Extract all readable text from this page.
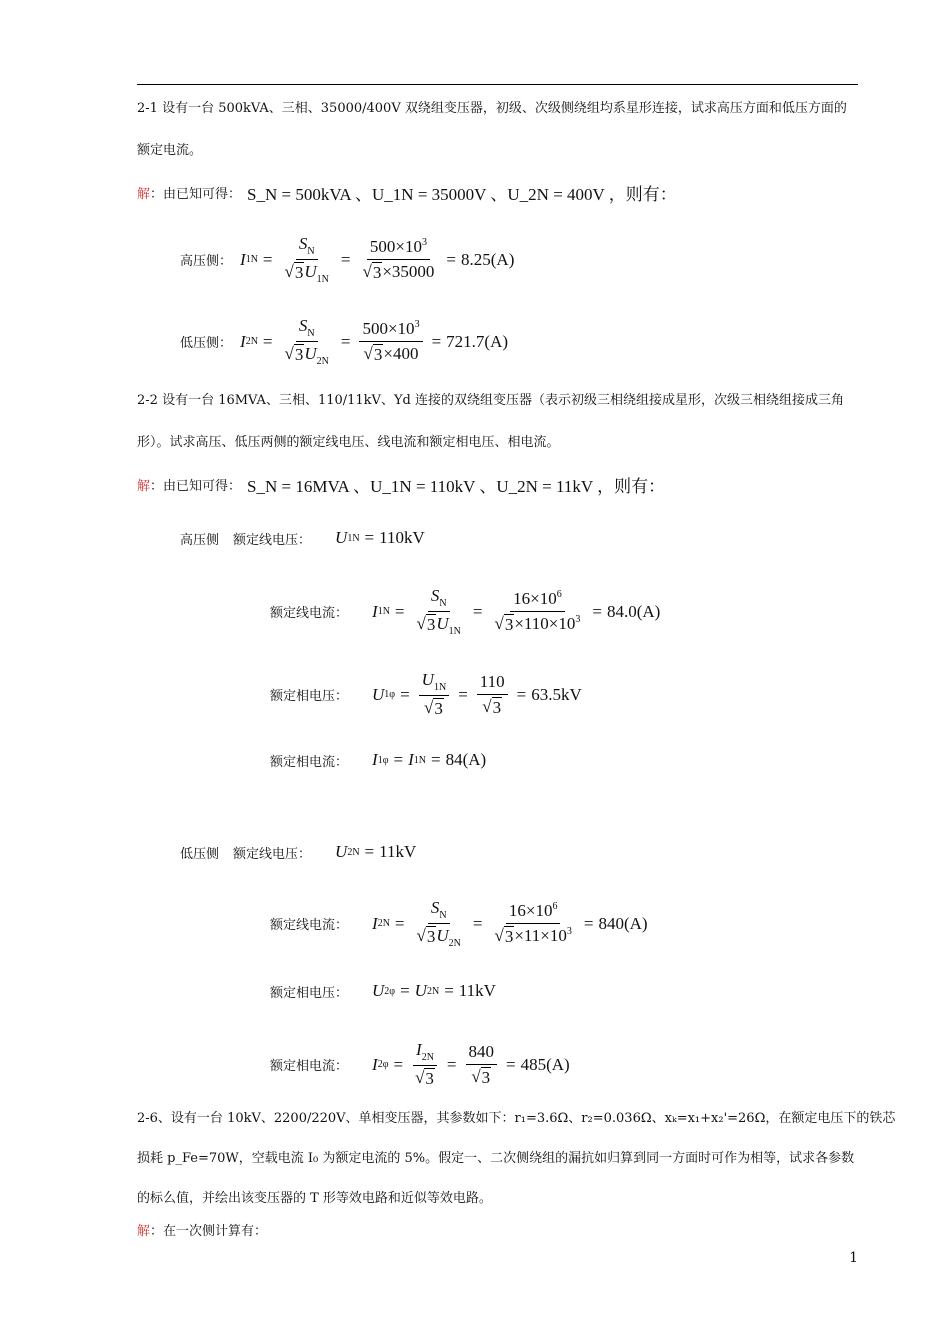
2-1 设有一台 500kVA、三相、35000/400V 双绕组变压器，初级、次级侧绕组均系星形连接，试求高压方面和低压方面的
额定电流。
解 ：由已知可得： S_N = 500kVA 、U_1N = 35000V 、U_2N = 400V ，则有：
高压侧： I $1N = \frac{S_N}{√ 3 U_{1N}} = \frac{500\times 10^3}{√ 3 \times 35000} = 8.25(A)$
低压侧： I $2N = \frac{S_N}{√ 3 U_{2N}} = \frac{500\times 10^3}{√ 3 \times 400} = 721.7(A)$
2-2 设有一台 16MVA、三相、110/11kV、Yd 连接的双绕组变压器（表示初级三相绕组接成星形，次级三相绕组接成三角
形）。试求高压、低压两侧的额定线电压、线电流和额定相电压、相电流。
解 ：由已知可得： S_N = 16MVA 、U_1N = 110kV 、U_2N = 11kV ，则有：
高压侧 额定线电压： U 1N = 110kV
额定线电流： I $1N = \frac{S_N}{√ 3 U_{1N}} = \frac{16\times 10^6}{√ 3 \times 110\times 10^3} = 84.0(A)$
额定相电压： U $1\varphi = \frac{U_{1N}}{√ 3} = \frac{110}{√ 3} = 63.5kV$
额定相电流： I 1φ = I 1N = 84(A)
低压侧 额定线电压： U 2N = 11kV
额定线电流： I $2N = \frac{S_N}{√ 3 U_{2N}} = \frac{16\times 10^6}{√ 3 \times 11\times 10^3} = 840(A)$
额定相电压： U 2φ = U 2N = 11kV
额定相电流： I $2\varphi = \frac{I_{2N}}{√ 3} = \frac{840}{√ 3} = 485(A)$
2-6、设有一台 10kV、2200/220V、单相变压器，其参数如下：r₁=3.6Ω、r₂=0.036Ω、xₖ=x₁+x₂'=26Ω，在额定电压下的铁芯
损耗 p_Fe=70W，空载电流 I₀ 为额定电流的 5%。假定一、二次侧绕组的漏抗如归算到同一方面时可作为相等，试求各参数
的标么值，并绘出该变压器的 T 形等效电路和近似等效电路。
解 ：在一次侧计算有：
1
